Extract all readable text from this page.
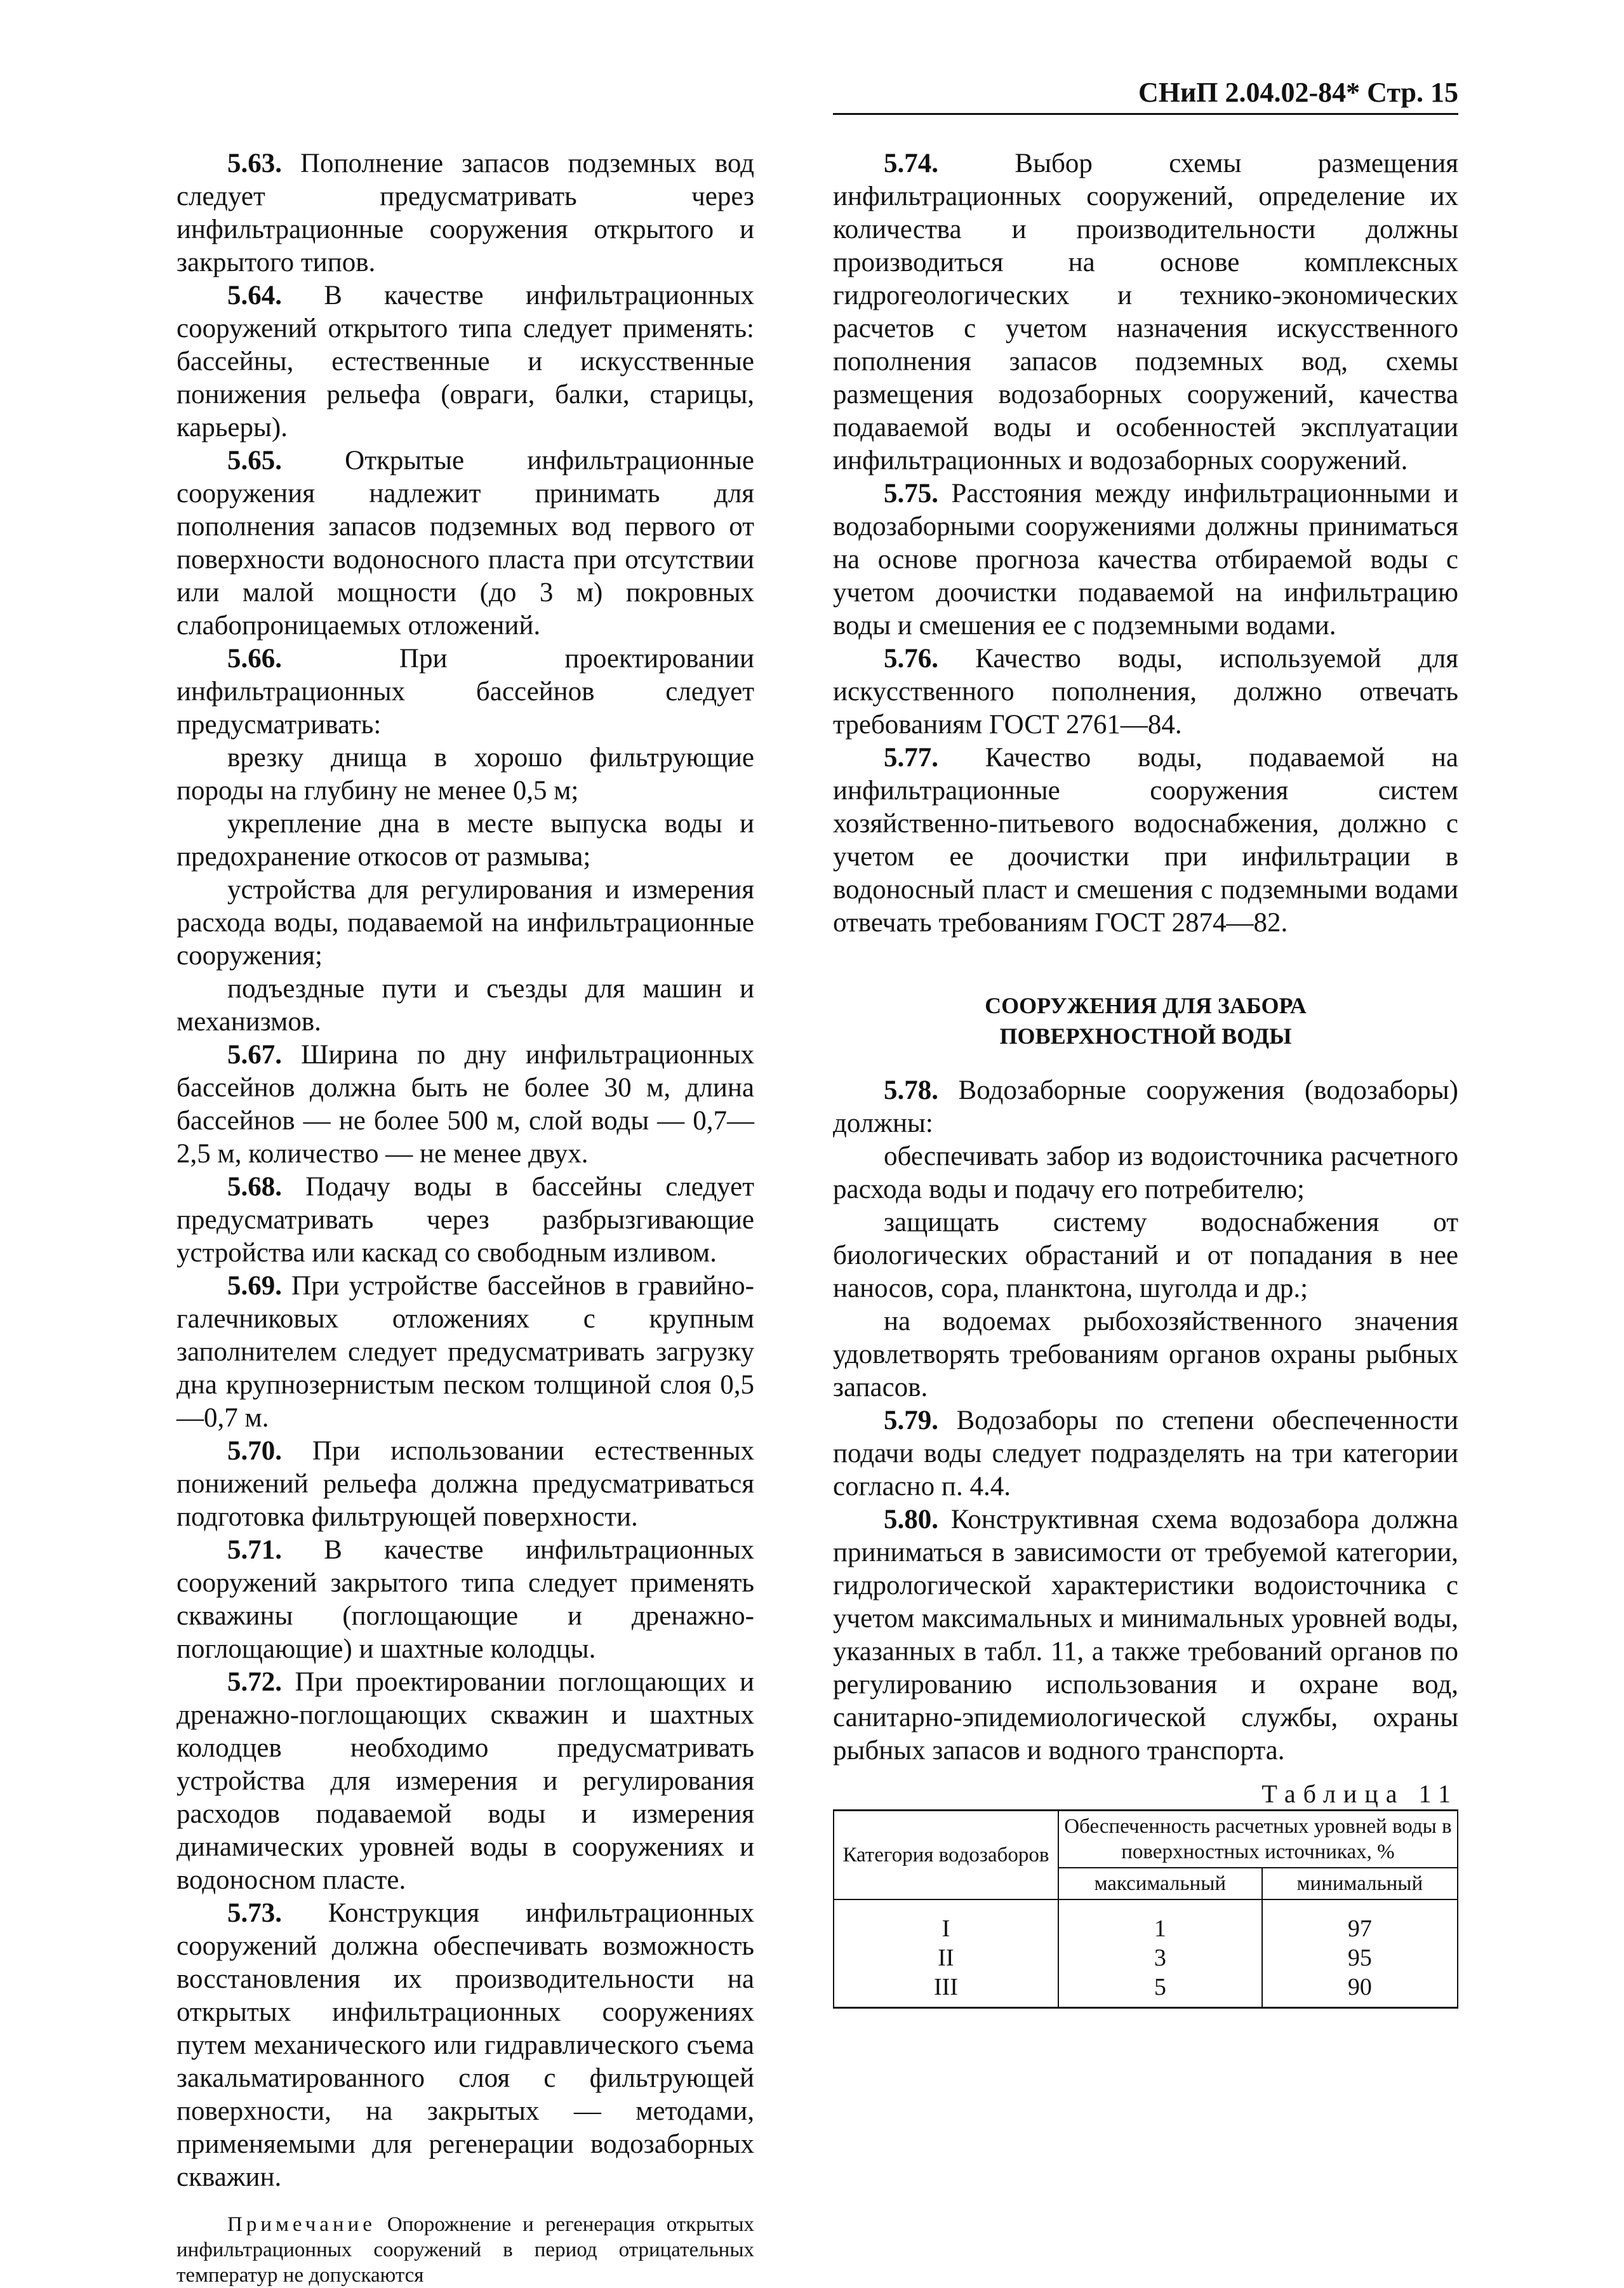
СНиП 2.04.02-84* Стр. 15

5.63. Пополнение запасов подземных вод следует предусматривать через инфильтрационные сооружения открытого и закрытого типов.

5.64. В качестве инфильтрационных сооружений открытого типа следует применять: бассейны, естественные и искусственные понижения рельефа (овраги, балки, старицы, карьеры).

5.65. Открытые инфильтрационные сооружения надлежит принимать для пополнения запасов подземных вод первого от поверхности водоносного пласта при отсутствии или малой мощности (до 3 м) покровных слабопроницаемых отложений.

5.66. При проектировании инфильтрационных бассейнов следует предусматривать:

врезку днища в хорошо фильтрующие породы на глубину не менее 0,5 м;

укрепление дна в месте выпуска воды и предохранение откосов от размыва;

устройства для регулирования и измерения расхода воды, подаваемой на инфильтрационные сооружения;

подъездные пути и съезды для машин и механизмов.

5.67. Ширина по дну инфильтрационных бассейнов должна быть не более 30 м, длина бассейнов — не более 500 м, слой воды — 0,7—2,5 м, количество — не менее двух.

5.68. Подачу воды в бассейны следует предусматривать через разбрызгивающие устройства или каскад со свободным изливом.

5.69. При устройстве бассейнов в гравийно-галечниковых отложениях с крупным заполнителем следует предусматривать загрузку дна крупнозернистым песком толщиной слоя 0,5—0,7 м.

5.70. При использовании естественных понижений рельефа должна предусматриваться подготовка фильтрующей поверхности.

5.71. В качестве инфильтрационных сооружений закрытого типа следует применять скважины (поглощающие и дренажно-поглощающие) и шахтные колодцы.

5.72. При проектировании поглощающих и дренажно-поглощающих скважин и шахтных колодцев необходимо предусматривать устройства для измерения и регулирования расходов подаваемой воды и измерения динамических уровней воды в сооружениях и водоносном пласте.

5.73. Конструкция инфильтрационных сооружений должна обеспечивать возможность восстановления их производительности на открытых инфильтрационных сооружениях путем механического или гидравлического съема закальматированного слоя с фильтрующей поверхности, на закрытых — методами, применяемыми для регенерации водозаборных скважин.

Примечание Опорожнение и регенерация открытых инфильтрационных сооружений в период отрицательных температур не допускаются

5.74. Выбор схемы размещения инфильтрационных сооружений, определение их количества и производительности должны производиться на основе комплексных гидрогеологических и технико-экономических расчетов с учетом назначения искусственного пополнения запасов подземных вод, схемы размещения водозаборных сооружений, качества подаваемой воды и особенностей эксплуатации инфильтрационных и водозаборных сооружений.

5.75. Расстояния между инфильтрационными и водозаборными сооружениями должны приниматься на основе прогноза качества отбираемой воды с учетом доочистки подаваемой на инфильтрацию воды и смешения ее с подземными водами.

5.76. Качество воды, используемой для искусственного пополнения, должно отвечать требованиям ГОСТ 2761—84.

5.77. Качество воды, подаваемой на инфильтрационные сооружения систем хозяйственно-питьевого водоснабжения, должно с учетом ее доочистки при инфильтрации в водоносный пласт и смешения с подземными водами отвечать требованиям ГОСТ 2874—82.

СООРУЖЕНИЯ ДЛЯ ЗАБОРА
ПОВЕРХНОСТНОЙ ВОДЫ

5.78. Водозаборные сооружения (водозаборы) должны:

обеспечивать забор из водоисточника расчетного расхода воды и подачу его потребителю;

защищать систему водоснабжения от биологических обрастаний и от попадания в нее наносов, сора, планктона, шуголда и др.;

на водоемах рыбохозяйственного значения удовлетворять требованиям органов охраны рыбных запасов.

5.79. Водозаборы по степени обеспеченности подачи воды следует подразделять на три категории согласно п. 4.4.

5.80. Конструктивная схема водозабора должна приниматься в зависимости от требуемой категории, гидрологической характеристики водоисточника с учетом максимальных и минимальных уровней воды, указанных в табл. 11, а также требований органов по регулированию использования и охране вод, санитарно-эпидемиологической службы, охраны рыбных запасов и водного транспорта.

Таблица 11
Категория водозаборов	Обеспеченность расчетных уровней воды в поверхностных источниках, %	
	максимальный	минимальный
I	1	97
II	3	95
III	5	90
